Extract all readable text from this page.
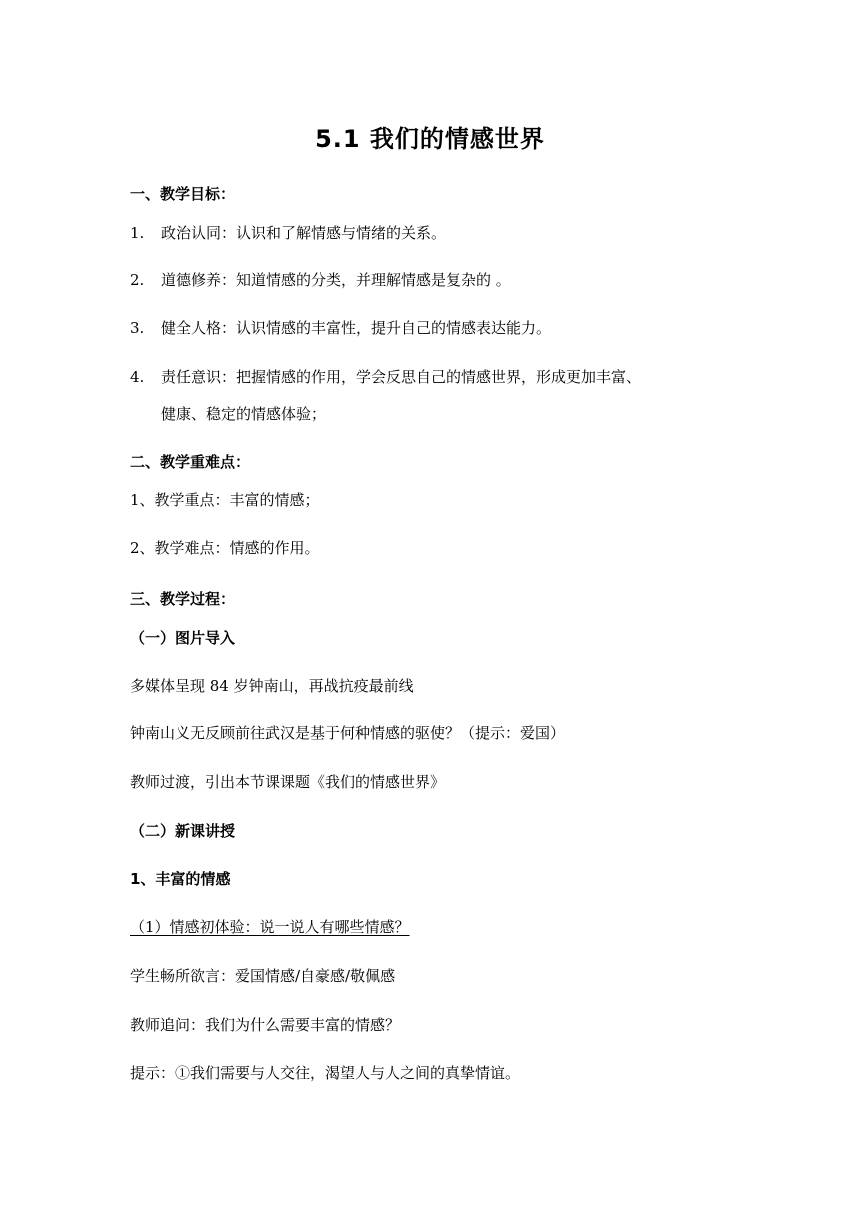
5.1 我们的情感世界
一、教学目标：
1. 政治认同：认识和了解情感与情绪的关系。
2. 道德修养：知道情感的分类，并理解情感是复杂的 。
3. 健全人格：认识情感的丰富性，提升自己的情感表达能力。
4. 责任意识：把握情感的作用，学会反思自己的情感世界，形成更加丰富、
健康、稳定的情感体验；
二、教学重难点：
1、教学重点：丰富的情感；
2、教学难点：情感的作用。
三、教学过程：
（一）图片导入
多媒体呈现 84 岁钟南山，再战抗疫最前线
钟南山义无反顾前往武汉是基于何种情感的驱使？（提示：爱国）
教师过渡，引出本节课课题《我们的情感世界》
（二）新课讲授
1、丰富的情感
（1）情感初体验：说一说人有哪些情感？
学生畅所欲言：爱国情感/自豪感/敬佩感
教师追问：我们为什么需要丰富的情感？
提示：①我们需要与人交往，渴望人与人之间的真挚情谊。
